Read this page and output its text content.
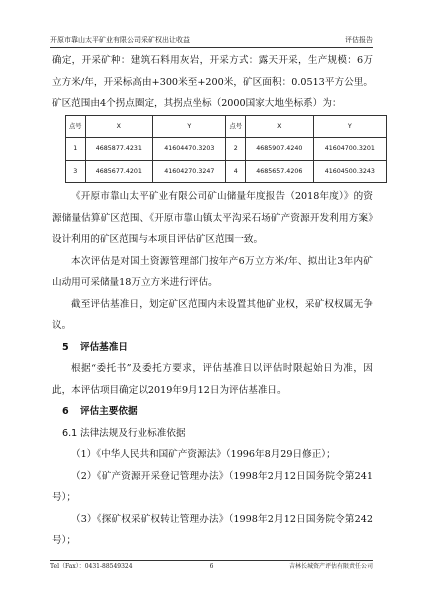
开原市靠山太平矿业有限公司采矿权出让收益	评估报告

确定，开采矿种：建筑石料用灰岩，开采方式：露天开采，生产规模：6万立方米/年，开采标高由+300米至+200米，矿区面积：0.0513平方公里。矿区范围由4个拐点圈定，其拐点坐标（2000国家大地坐标系）为：

点号	X	Y	点号	X	Y
1	4685877.4231	41604470.3203	2	4685907.4240	41604700.3201
3	4685677.4201	41604270.3247	4	4685657.4206	41604500.3243

《开原市靠山太平矿业有限公司矿山储量年度报告（2018年度）》的资源储量估算矿区范围、《开原市靠山镇太平沟采石场矿产资源开发利用方案》设计利用的矿区范围与本项目评估矿区范围一致。

本次评估是对国土资源管理部门按年产6万立方米/年、拟出让3年内矿山动用可采储量18万立方米进行评估。

截至评估基准日，划定矿区范围内未设置其他矿业权，采矿权权属无争议。

5 评估基准日

根据“委托书”及委托方要求，评估基准日以评估时限起始日为准，因此，本评估项目确定以2019年9月12日为评估基准日。

6 评估主要依据

6.1 法律法规及行业标准依据

（1）《中华人民共和国矿产资源法》（1996年8月29日修正）；

（2）《矿产资源开采登记管理办法》（1998年2月12日国务院令第241号）；

（3）《探矿权采矿权转让管理办法》（1998年2月12日国务院令第242号）；

Tel（Fax）：0431-88549324	6	吉林长城资产评估有限责任公司
